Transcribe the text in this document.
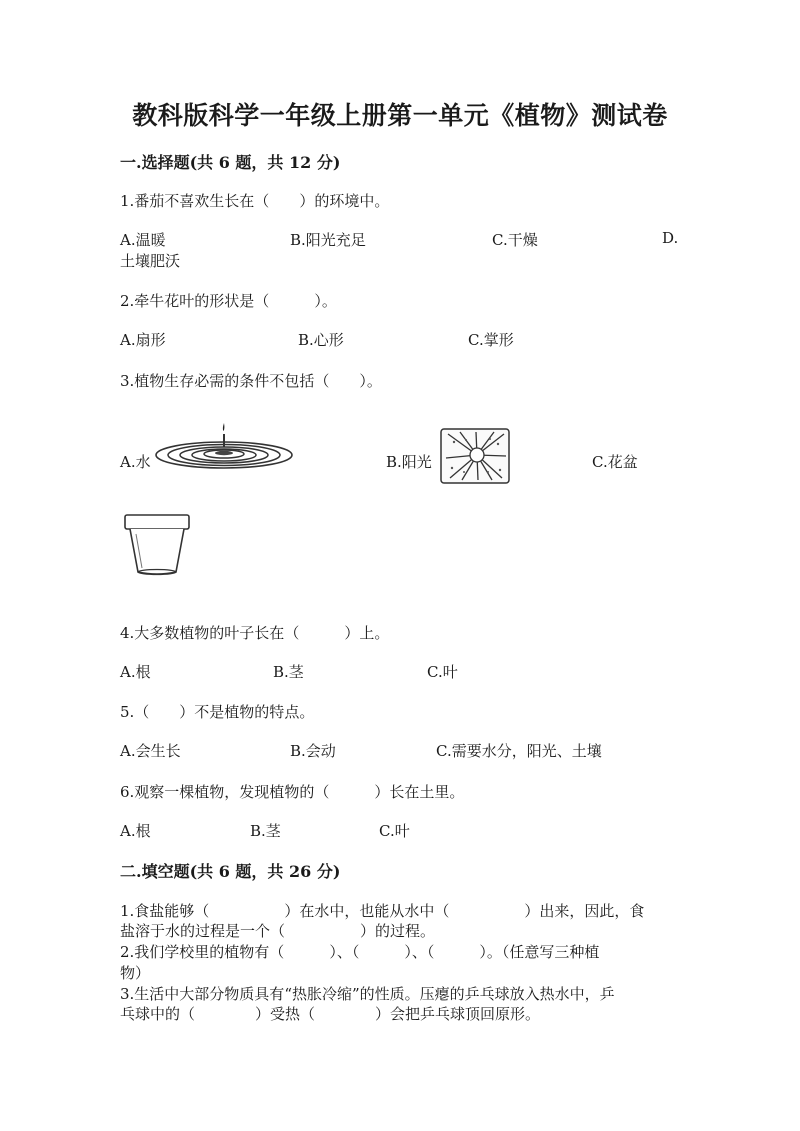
教科版科学一年级上册第一单元《植物》测试卷
一.选择题(共 6 题，共 12 分)
1.番茄不喜欢生长在（　　）的环境中。
A.温暖	B.阳光充足	C.干燥	D.
土壤肥沃
2.牵牛花叶的形状是（　　　）。
A.扇形	B.心形	C.掌形
3.植物生存必需的条件不包括（　　）。
A.水	B.阳光	C.花盆
4.大多数植物的叶子长在（　　　）上。
A.根	B.茎	C.叶
5.（　　）不是植物的特点。
A.会生长	B.会动	C.需要水分，阳光、土壤
6.观察一棵植物，发现植物的（　　　）长在土里。
A.根	B.茎	C.叶
二.填空题(共 6 题，共 26 分)
1.食盐能够（　　　　　）在水中，也能从水中（　　　　　）出来，因此，食
盐溶于水的过程是一个（　　　　　）的过程。
2.我们学校里的植物有（　　　）、（　　　）、（　　　）。（任意写三种植
物）
3.生活中大部分物质具有“热胀冷缩”的性质。压瘪的乒乓球放入热水中，乒
乓球中的（　　　　）受热（　　　　）会把乒乓球顶回原形。
